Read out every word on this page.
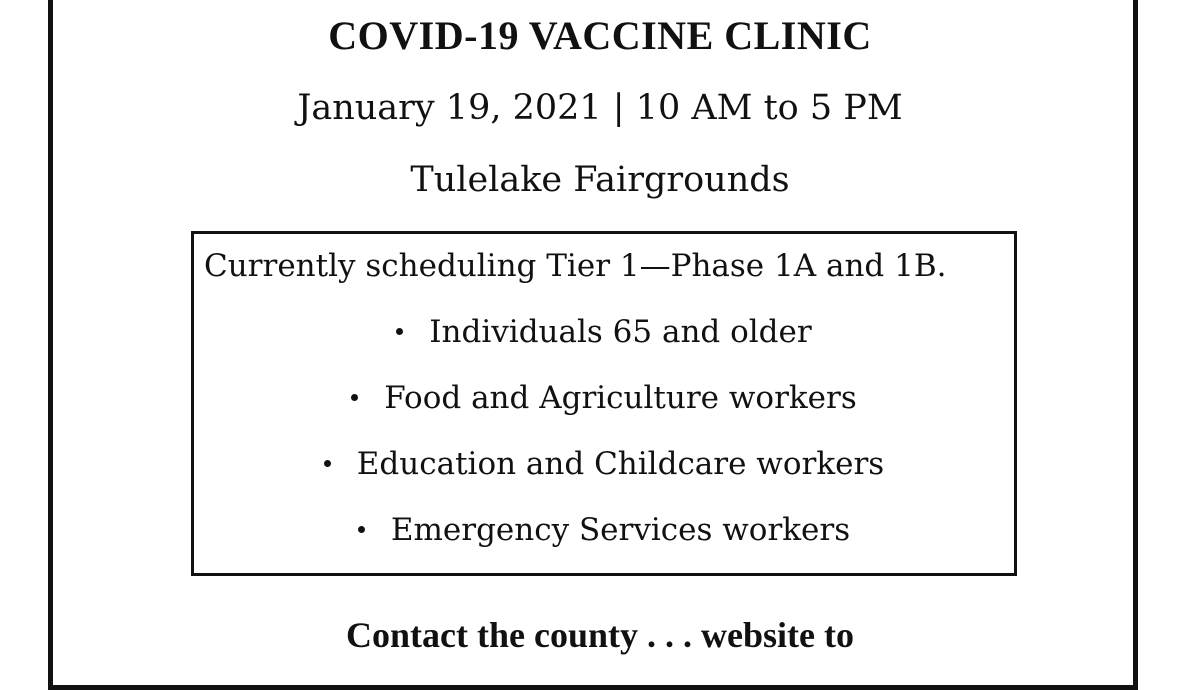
COVID-19 VACCINE CLINIC
January 19, 2021 | 10 AM to 5 PM
Tulelake Fairgrounds
Currently scheduling Tier 1—Phase 1A and 1B.
Individuals 65 and older
Food and Agriculture workers
Education and Childcare workers
Emergency Services workers
Contact the county . . . website to
